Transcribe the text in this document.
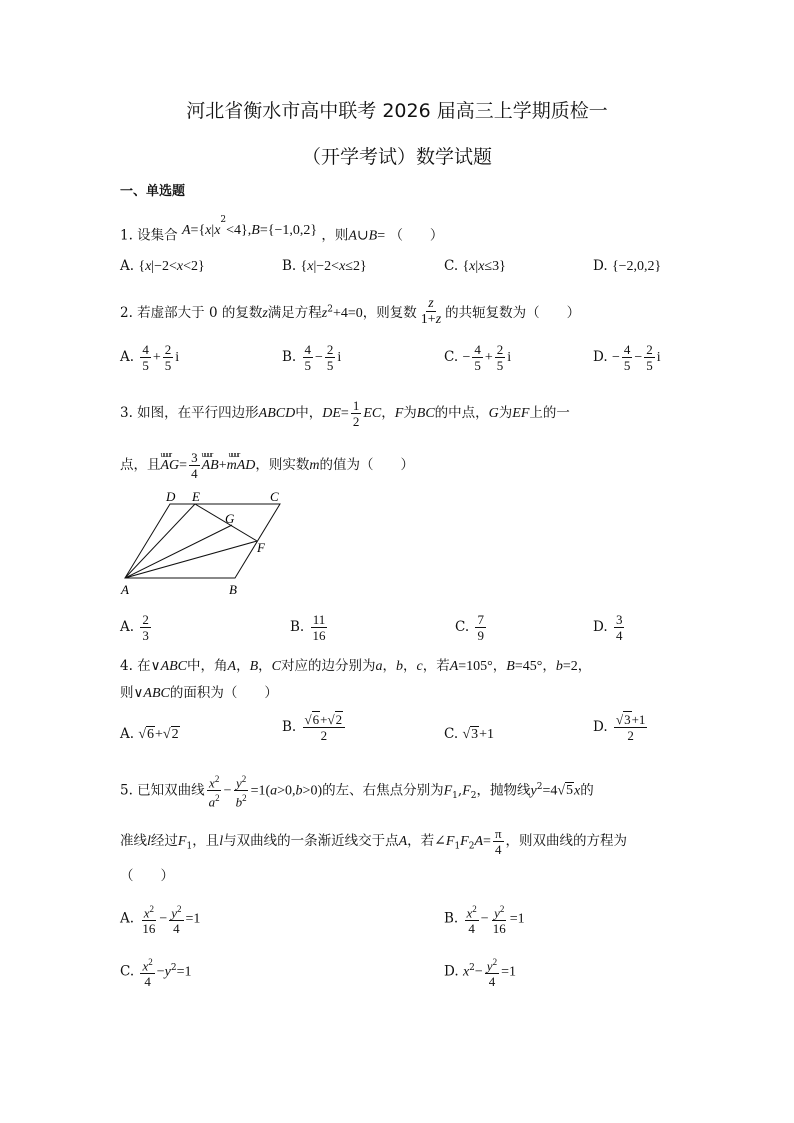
河北省衡水市高中联考 2026 届高三上学期质检一
（开学考试）数学试题
一、单选题
1. 设集合 $A=\{x|x^2<4\},B=\{-1,0,2\}$ ，则A∪B= （　　）
A. {x|−2<x<2}	B. {x|−2<x≤2}	C. {x|x≤3}	D. {−2,0,2}
2. 若虚部大于 0 的复数z满足方程$z^2+4=0$，则复数 $\frac{z}{1+z}$ 的共轭复数为（　　）
A. $\frac{4}{5} + \frac{2}{5}$ i	B. $\frac{4}{5} - \frac{2}{5}$ i	C. − $\frac{4}{5} + \frac{2}{5}$ i	D. − $\frac{4}{5} - \frac{2}{5}$ i
3. 如图，在平行四边形ABCD中，$DE= \frac{1}{2}$ EC，F为BC的中点，G为EF上的一
点，且AG
uuur
= $\frac{3}{4}$ AB
uuur
+mAD
uuur
，则实数m的值为（　　）
D E	C
G
F
A	B
A. $\frac{2}{3}$	B. $\frac{11}{16}$	C. $\frac{7}{9}$	D. $\frac{3}{4}$
4. 在∨ABC中，角A，B，C对应的边分别为a，b，c，若A=105°，B=45°，b=2，
则∨ABC的面积为（　　）
A. √6+√2	B. $\frac{√6+√2}{2}$	C. √3+1	D. $\frac{√3+1}{2}$
5. 已知双曲线 $\frac{x^2}{a^2} - \frac{y^2}{b^2} =1(a>0,b>0)$的左、右焦点分别为$F_1,F_2$，抛物线$y^2=4√5x$的
准线l经过$F_1$，且l与双曲线的一条渐近线交于点A，若$\angle F_1F_2A= \frac{\pi}{4}$ ，则双曲线的方程为
（　　）
A. $\frac{x^2}{16} - \frac{y^2}{4} =1$	B. $\frac{x^2}{4} - \frac{y^2}{16} =1$
C. $\frac{x^2}{4} -y^2=1$	D. $x^2- \frac{y^2}{4} =1$
